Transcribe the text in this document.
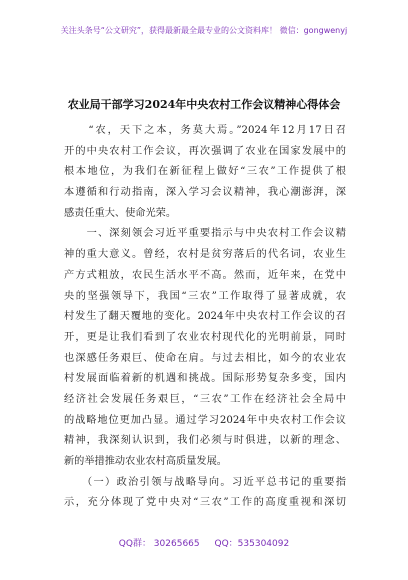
关注头条号“公文研究”，获得最新最全最专业的公文资料库！ 微信：gongwenyj
农业局干部学习2024年中央农村工作会议精神心得体会
　　“农，天下之本，务莫大焉。”2024年12月17日召
开的中央农村工作会议，再次强调了农业在国家发展中的
根本地位，为我们在新征程上做好“三农”工作提供了根
本遵循和行动指南，深入学习会议精神，我心潮澎湃，深
感责任重大、使命光荣。
　　一、深刻领会习近平重要指示与中央农村工作会议精
神的重大意义。曾经，农村是贫穷落后的代名词，农业生
产方式粗放，农民生活水平不高。然而，近年来，在党中
央的坚强领导下，我国“三农”工作取得了显著成就，农
村发生了翻天覆地的变化。2024年中央农村工作会议的召
开，更是让我们看到了农业农村现代化的光明前景，同时
也深感任务艰巨、使命在肩。与过去相比，如今的农业农
村发展面临着新的机遇和挑战。国际形势复杂多变，国内
经济社会发展任务艰巨，“三农”工作在经济社会全局中
的战略地位更加凸显。通过学习2024年中央农村工作会议
精神，我深刻认识到，我们必须与时俱进，以新的理念、
新的举措推动农业农村高质量发展。
　　（一）政治引领与战略导向。习近平总书记的重要指
示，充分体现了党中央对“三农”工作的高度重视和深切
QQ群： 30265665 QQ：535304092
